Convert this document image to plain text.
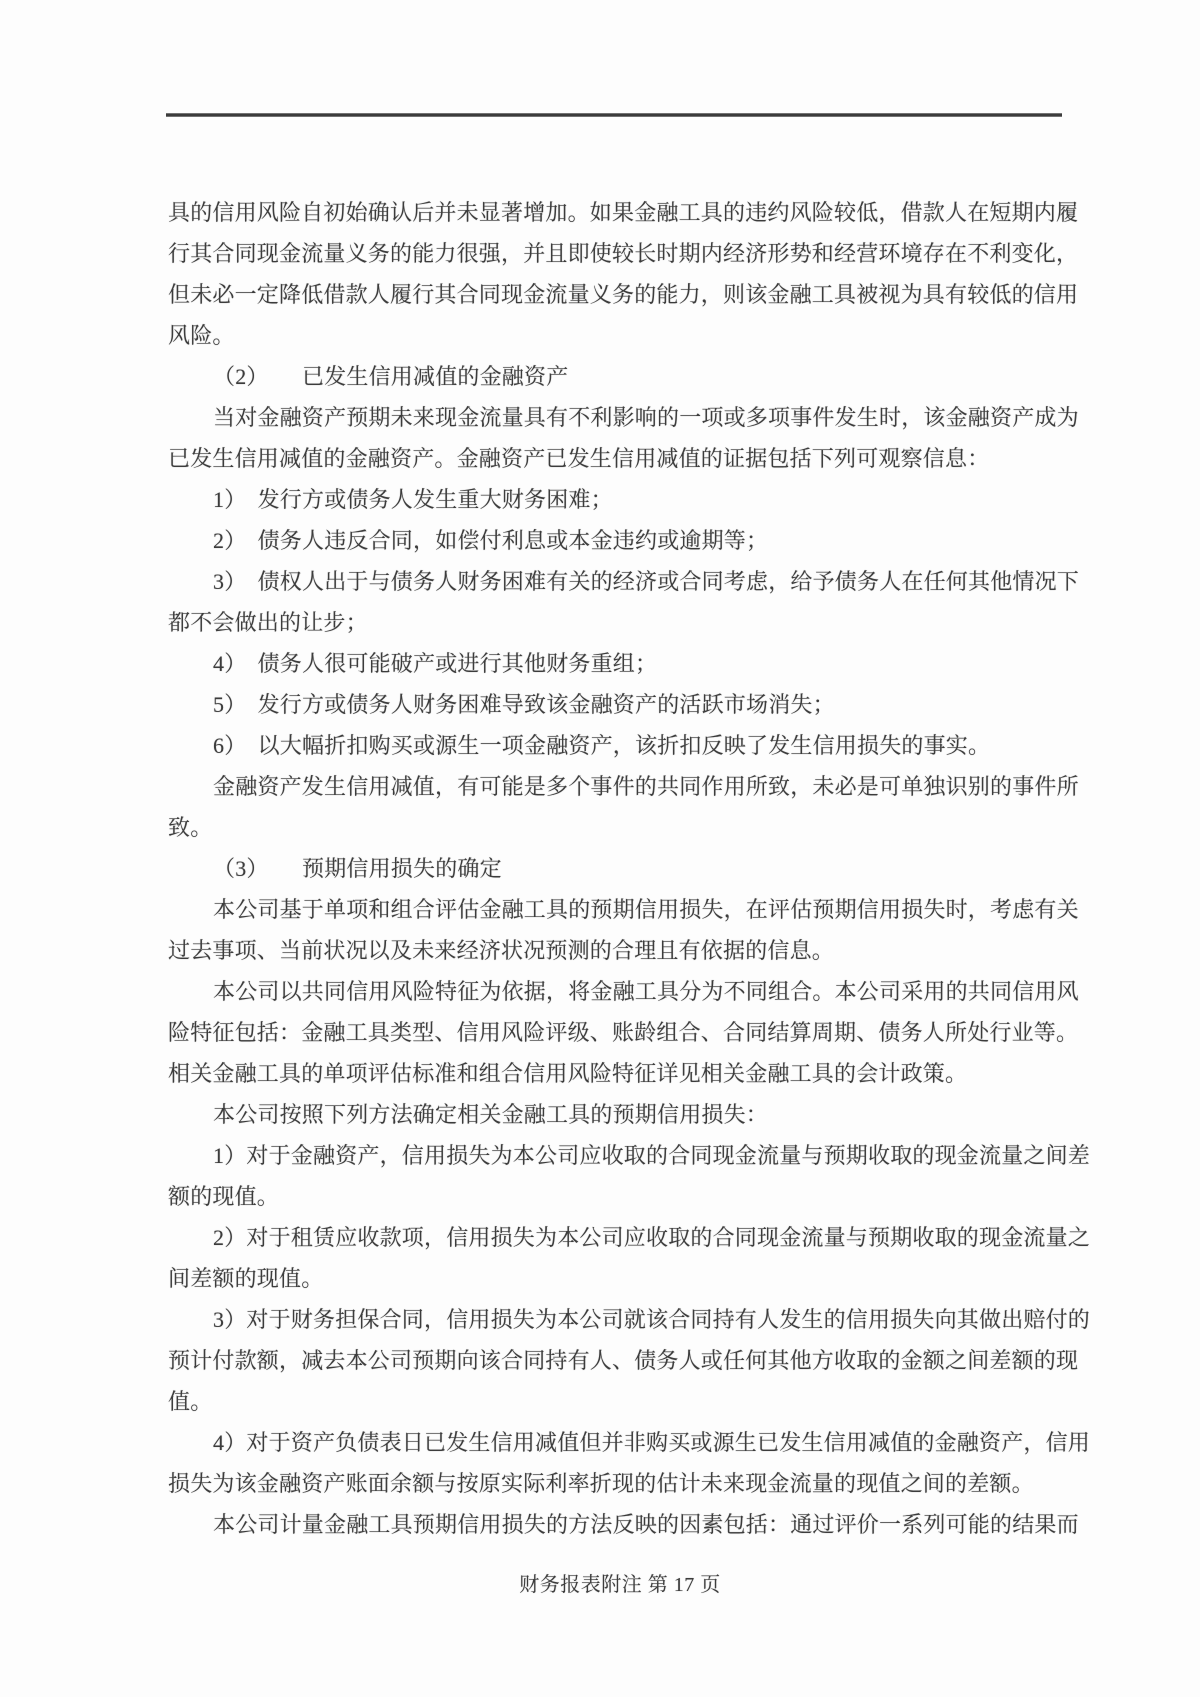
具的信用风险自初始确认后并未显著增加。如果金融工具的违约风险较低，借款人在短期内履
行其合同现金流量义务的能力很强，并且即使较长时期内经济形势和经营环境存在不利变化，
但未必一定降低借款人履行其合同现金流量义务的能力，则该金融工具被视为具有较低的信用
风险。
（2）　　已发生信用减值的金融资产
当对金融资产预期未来现金流量具有不利影响的一项或多项事件发生时，该金融资产成为
已发生信用减值的金融资产。金融资产已发生信用减值的证据包括下列可观察信息：
1）　发行方或债务人发生重大财务困难；
2）　债务人违反合同，如偿付利息或本金违约或逾期等；
3）　债权人出于与债务人财务困难有关的经济或合同考虑，给予债务人在任何其他情况下
都不会做出的让步；
4）　债务人很可能破产或进行其他财务重组；
5）　发行方或债务人财务困难导致该金融资产的活跃市场消失；
6）　以大幅折扣购买或源生一项金融资产，该折扣反映了发生信用损失的事实。
金融资产发生信用减值，有可能是多个事件的共同作用所致，未必是可单独识别的事件所
致。
（3）　　预期信用损失的确定
本公司基于单项和组合评估金融工具的预期信用损失，在评估预期信用损失时，考虑有关
过去事项、当前状况以及未来经济状况预测的合理且有依据的信息。
本公司以共同信用风险特征为依据，将金融工具分为不同组合。本公司采用的共同信用风
险特征包括：金融工具类型、信用风险评级、账龄组合、合同结算周期、债务人所处行业等。
相关金融工具的单项评估标准和组合信用风险特征详见相关金融工具的会计政策。
本公司按照下列方法确定相关金融工具的预期信用损失：
1）对于金融资产，信用损失为本公司应收取的合同现金流量与预期收取的现金流量之间差
额的现值。
2）对于租赁应收款项，信用损失为本公司应收取的合同现金流量与预期收取的现金流量之
间差额的现值。
3）对于财务担保合同，信用损失为本公司就该合同持有人发生的信用损失向其做出赔付的
预计付款额，减去本公司预期向该合同持有人、债务人或任何其他方收取的金额之间差额的现
值。
4）对于资产负债表日已发生信用减值但并非购买或源生已发生信用减值的金融资产，信用
损失为该金融资产账面余额与按原实际利率折现的估计未来现金流量的现值之间的差额。
本公司计量金融工具预期信用损失的方法反映的因素包括：通过评价一系列可能的结果而
财务报表附注 第 17 页
